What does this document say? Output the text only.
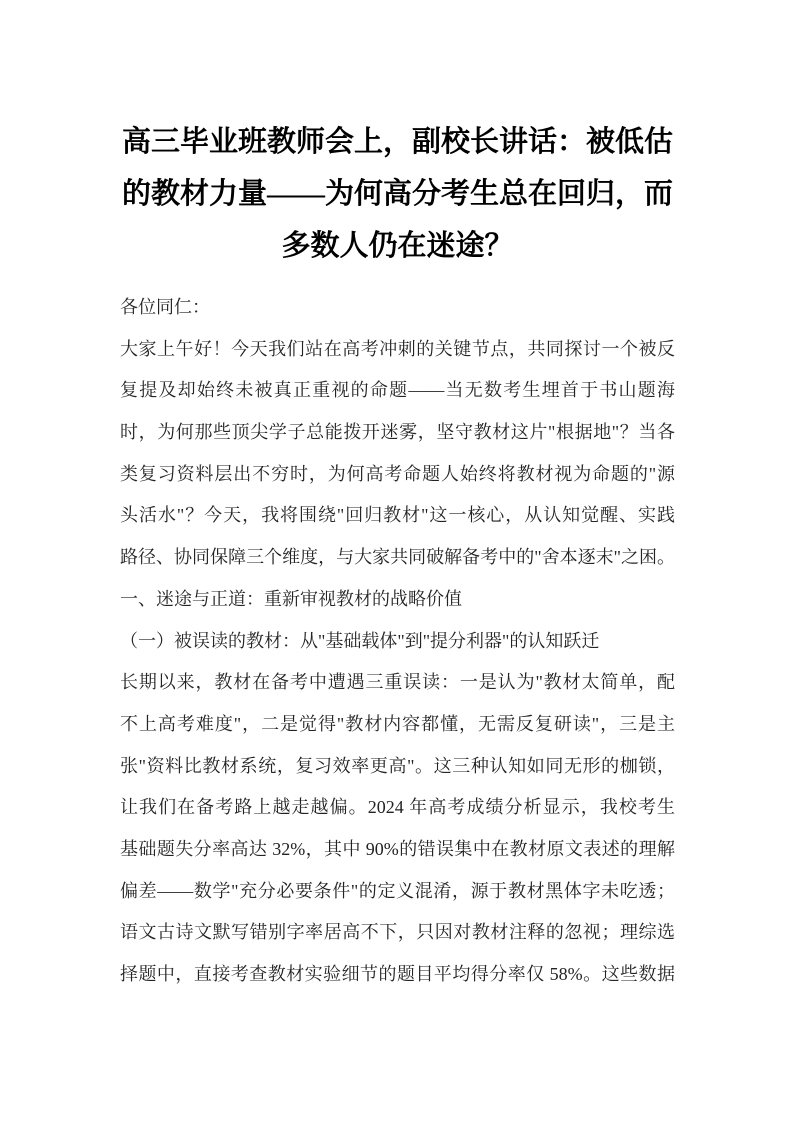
高三毕业班教师会上，副校长讲话：被低估
的教材力量——为何高分考生总在回归，而
多数人仍在迷途？
各位同仁：
大家上午好！今天我们站在高考冲刺的关键节点，共同探讨一个被反
复提及却始终未被真正重视的命题——当无数考生埋首于书山题海
时，为何那些顶尖学子总能拨开迷雾，坚守教材这片"根据地"？当各
类复习资料层出不穷时，为何高考命题人始终将教材视为命题的"源
头活水"？今天，我将围绕"回归教材"这一核心，从认知觉醒、实践
路径、协同保障三个维度，与大家共同破解备考中的"舍本逐末"之困。
一、迷途与正道：重新审视教材的战略价值
（一）被误读的教材：从"基础载体"到"提分利器"的认知跃迁
长期以来，教材在备考中遭遇三重误读：一是认为"教材太简单，配
不上高考难度"，二是觉得"教材内容都懂，无需反复研读"，三是主
张"资料比教材系统，复习效率更高"。这三种认知如同无形的枷锁，
让我们在备考路上越走越偏。2024 年高考成绩分析显示，我校考生
基础题失分率高达 32%，其中 90%的错误集中在教材原文表述的理解
偏差——数学"充分必要条件"的定义混淆，源于教材黑体字未吃透；
语文古诗文默写错别字率居高不下，只因对教材注释的忽视；理综选
择题中，直接考查教材实验细节的题目平均得分率仅 58%。这些数据
